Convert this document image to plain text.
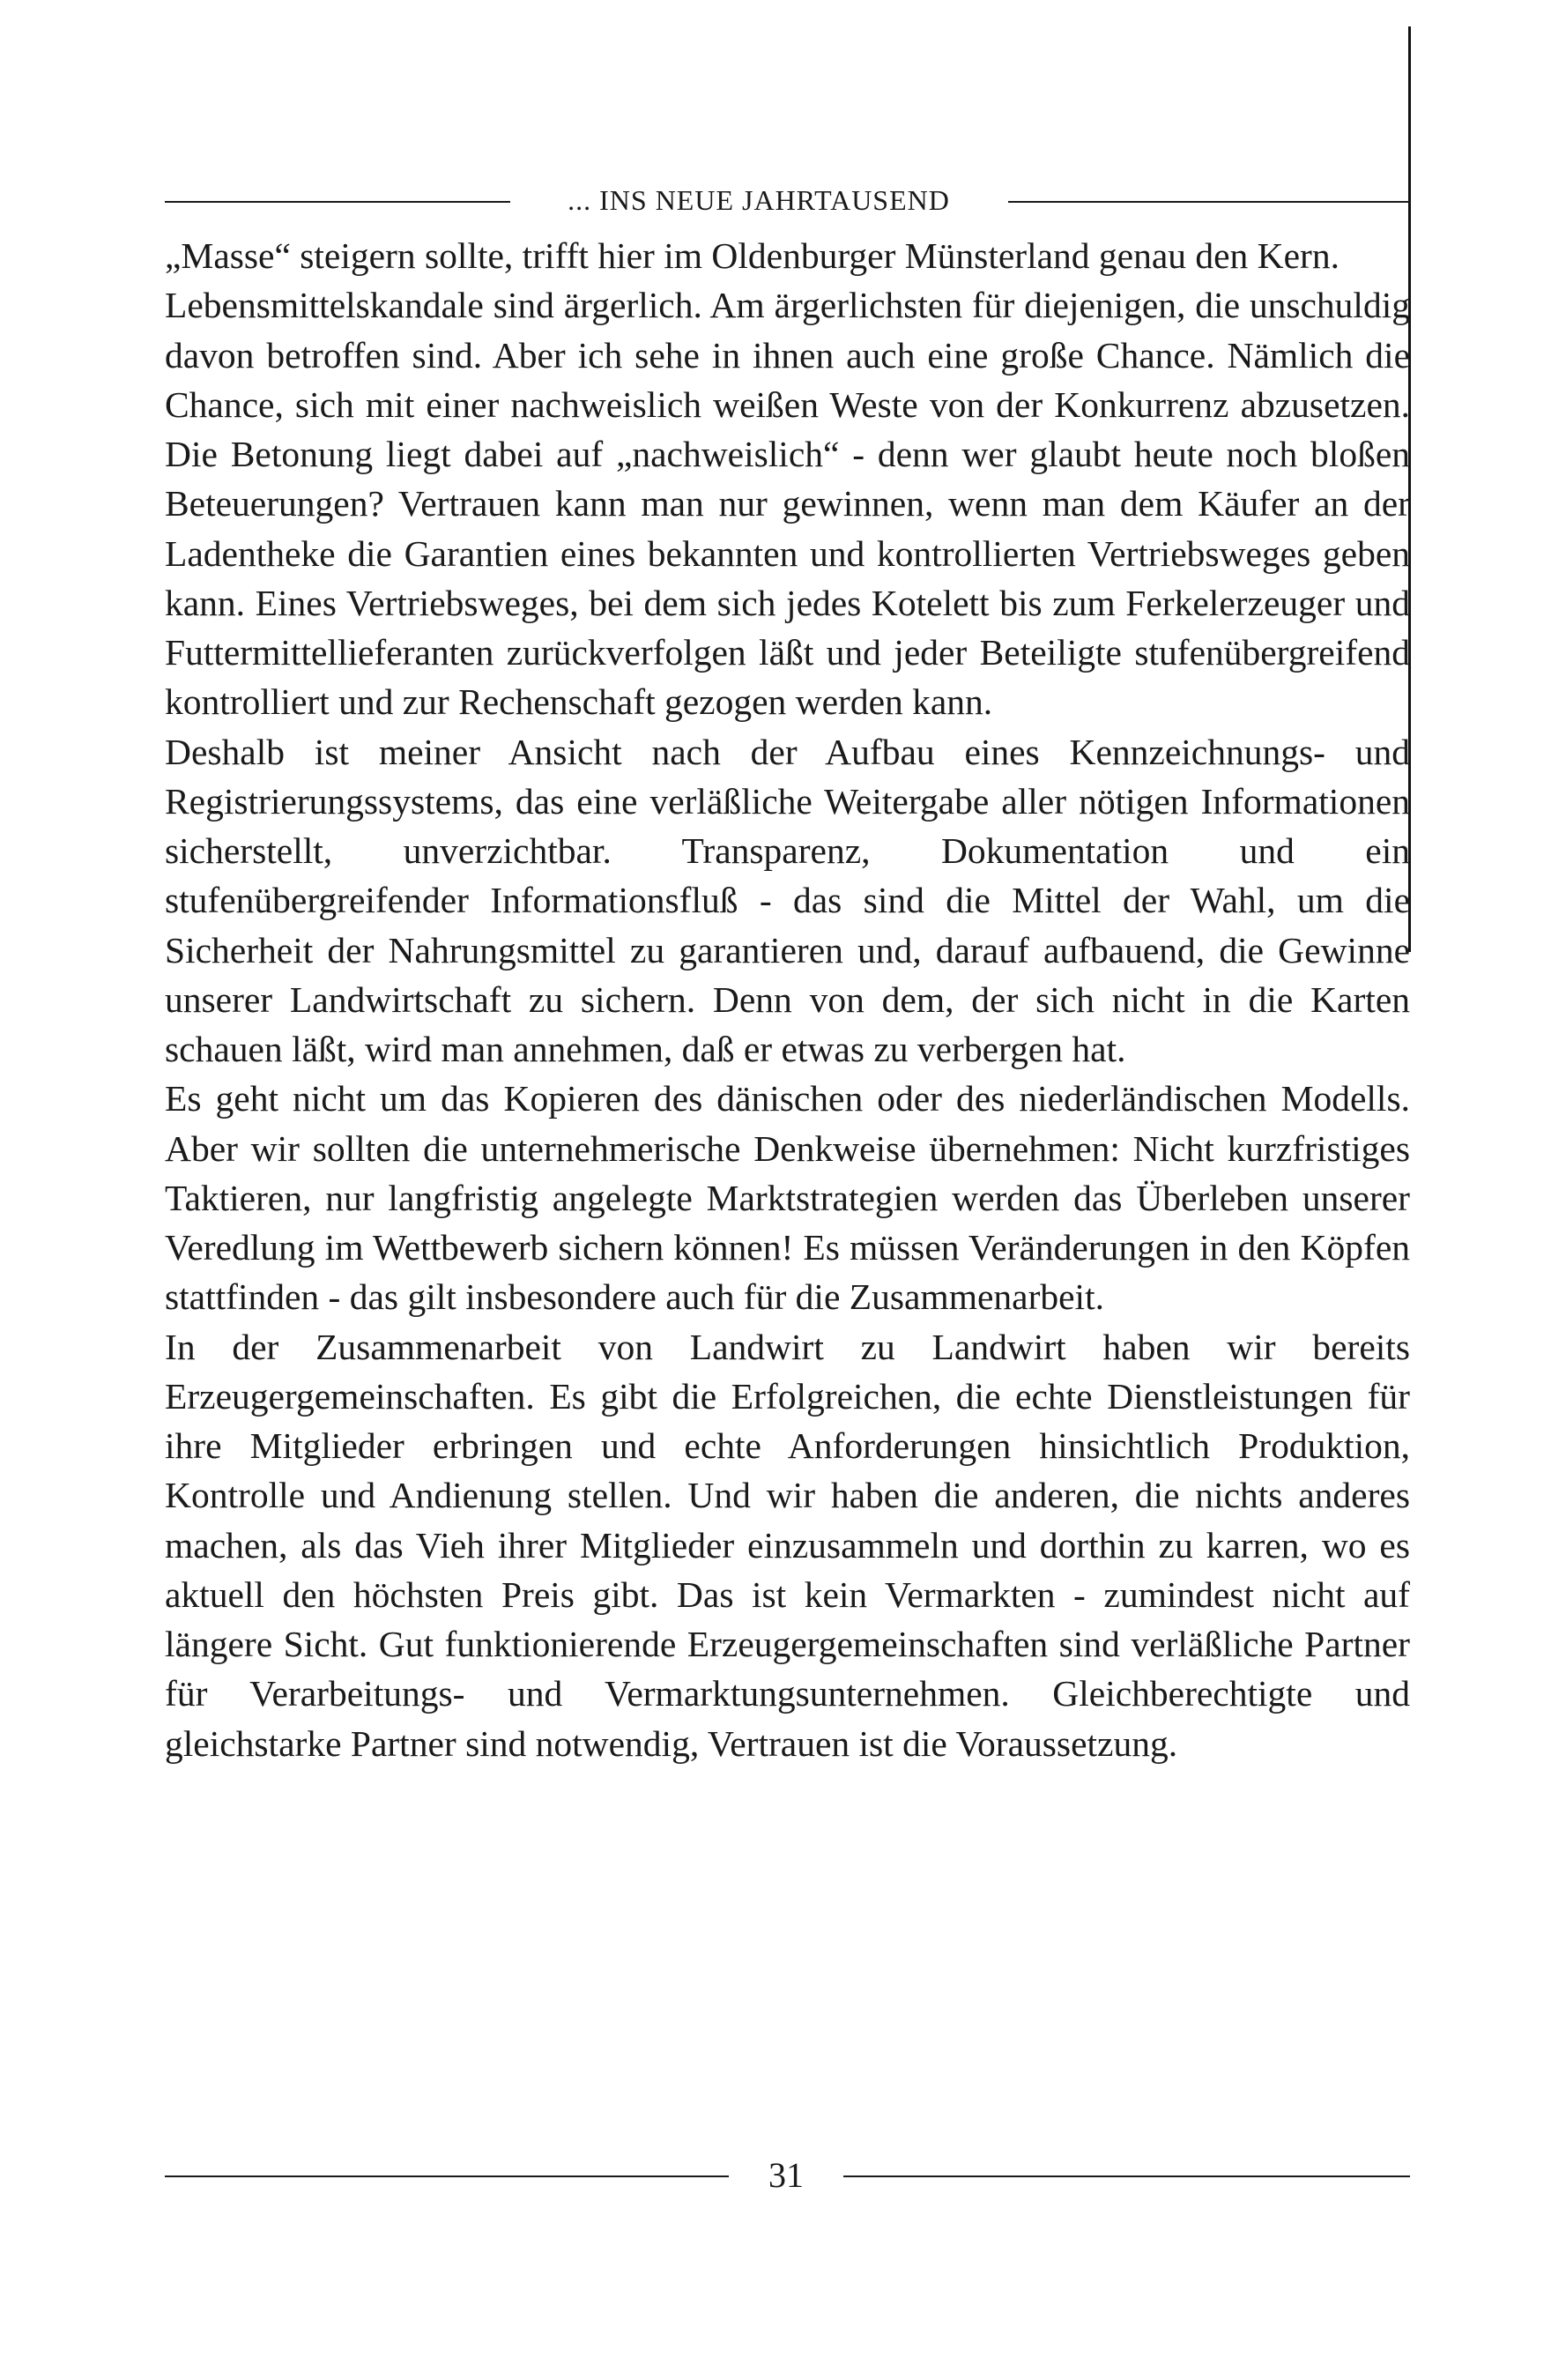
... INS NEUE JAHRTAUSEND

„Masse“ steigern sollte, trifft hier im Oldenburger Münsterland genau den Kern.

Lebensmittelskandale sind ärgerlich. Am ärgerlichsten für diejenigen, die unschuldig davon betroffen sind. Aber ich sehe in ihnen auch eine große Chance. Nämlich die Chance, sich mit einer nachweislich weißen Weste von der Konkurrenz abzusetzen. Die Betonung liegt dabei auf „nachweislich“ - denn wer glaubt heute noch bloßen Beteuerungen? Vertrauen kann man nur gewinnen, wenn man dem Käufer an der Ladentheke die Garantien eines bekannten und kontrollierten Vertriebsweges geben kann. Eines Vertriebsweges, bei dem sich jedes Kotelett bis zum Ferkelerzeuger und Futtermittellieferanten zurückverfolgen läßt und jeder Beteiligte stufenübergreifend kontrolliert und zur Rechenschaft gezogen werden kann.

Deshalb ist meiner Ansicht nach der Aufbau eines Kennzeichnungs- und Registrierungssystems, das eine verläßliche Weitergabe aller nötigen Informationen sicherstellt, unverzichtbar. Transparenz, Dokumentation und ein stufenübergreifender Informationsfluß - das sind die Mittel der Wahl, um die Sicherheit der Nahrungsmittel zu garantieren und, darauf aufbauend, die Gewinne unserer Landwirtschaft zu sichern. Denn von dem, der sich nicht in die Karten schauen läßt, wird man annehmen, daß er etwas zu verbergen hat.

Es geht nicht um das Kopieren des dänischen oder des niederländischen Modells. Aber wir sollten die unternehmerische Denkweise übernehmen: Nicht kurzfristiges Taktieren, nur langfristig angelegte Marktstrategien werden das Überleben unserer Veredlung im Wettbewerb sichern können! Es müssen Veränderungen in den Köpfen stattfinden - das gilt insbesondere auch für die Zusammenarbeit.

In der Zusammenarbeit von Landwirt zu Landwirt haben wir bereits Erzeugergemeinschaften. Es gibt die Erfolgreichen, die echte Dienstleistungen für ihre Mitglieder erbringen und echte Anforderungen hinsichtlich Produktion, Kontrolle und Andienung stellen. Und wir haben die anderen, die nichts anderes machen, als das Vieh ihrer Mitglieder einzusammeln und dorthin zu karren, wo es aktuell den höchsten Preis gibt. Das ist kein Vermarkten - zumindest nicht auf längere Sicht. Gut funktionierende Erzeugergemeinschaften sind verläßliche Partner für Verarbeitungs- und Vermarktungsunternehmen. Gleichberechtigte und gleichstarke Partner sind notwendig, Vertrauen ist die Voraussetzung.

31
